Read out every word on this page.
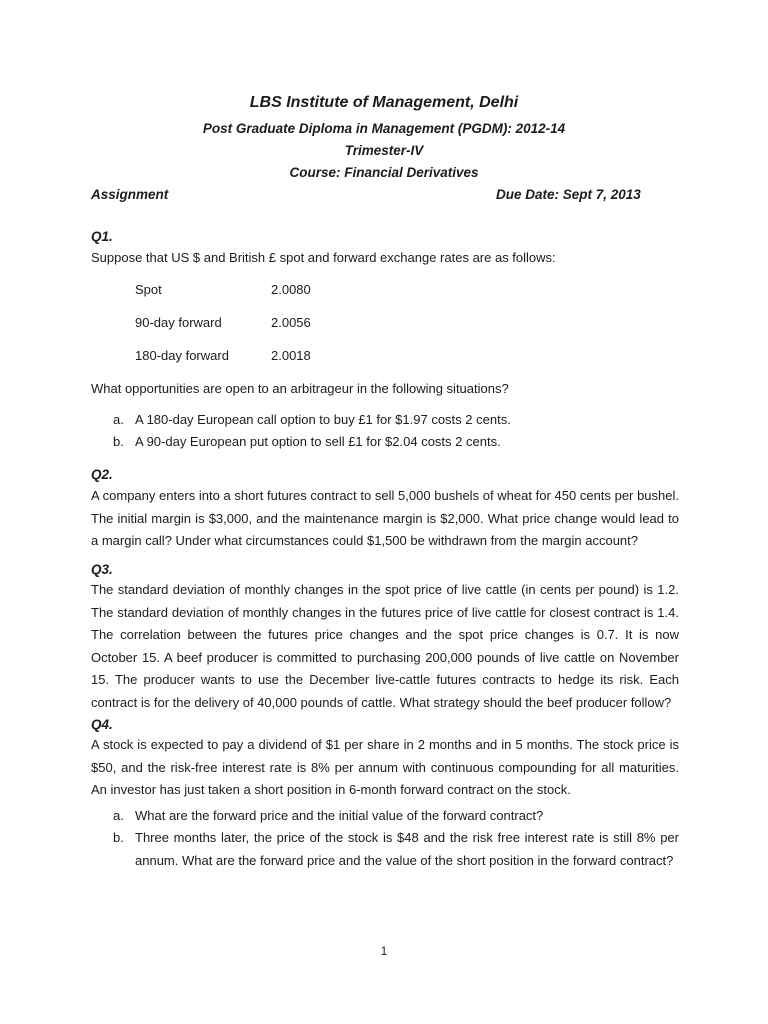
LBS Institute of Management, Delhi
Post Graduate Diploma in Management (PGDM): 2012-14
Trimester-IV
Course: Financial Derivatives
Assignment	Due Date: Sept 7, 2013
Q1.
Suppose that US $ and British £ spot and forward exchange rates are as follows:
Spot	2.0080
90-day forward	2.0056
180-day forward	2.0018
What opportunities are open to an arbitrageur in the following situations?
a. A 180-day European call option to buy £1 for $1.97 costs 2 cents.
b. A 90-day European put option to sell £1 for $2.04 costs 2 cents.
Q2.
A company enters into a short futures contract to sell 5,000 bushels of wheat for 450 cents per bushel. The initial margin is $3,000, and the maintenance margin is $2,000. What price change would lead to a margin call? Under what circumstances could $1,500 be withdrawn from the margin account?
Q3.
The standard deviation of monthly changes in the spot price of live cattle (in cents per pound) is 1.2. The standard deviation of monthly changes in the futures price of live cattle for closest contract is 1.4. The correlation between the futures price changes and the spot price changes is 0.7. It is now October 15. A beef producer is committed to purchasing 200,000 pounds of live cattle on November 15. The producer wants to use the December live-cattle futures contracts to hedge its risk. Each contract is for the delivery of 40,000 pounds of cattle. What strategy should the beef producer follow?
Q4.
A stock is expected to pay a dividend of $1 per share in 2 months and in 5 months. The stock price is $50, and the risk-free interest rate is 8% per annum with continuous compounding for all maturities. An investor has just taken a short position in 6-month forward contract on the stock.
a. What are the forward price and the initial value of the forward contract?
b. Three months later, the price of the stock is $48 and the risk free interest rate is still 8% per annum. What are the forward price and the value of the short position in the forward contract?
1
